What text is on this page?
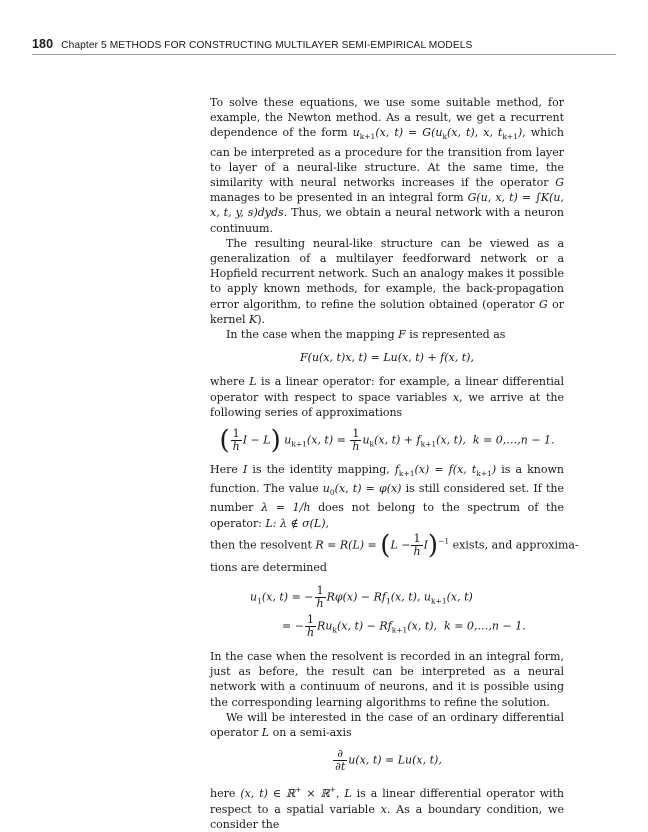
180 Chapter 5 METHODS FOR CONSTRUCTING MULTILAYER SEMI-EMPIRICAL MODELS

To solve these equations, we use some suitable method, for example, the Newton method. As a result, we get a recurrent dependence of the form $u_{k+1}(x$, $t) = G(u_k(x$, t), x, $t_{k+1}$), which can be interpreted as a procedure for the transition from layer to layer of a neural-like structure. At the same time, the similarity with neural networks increases if the operator G manages to be presented in an integral form G(u, x, t) = ∫K(u, x, t, y, s)dyds. Thus, we obtain a neural network with a neuron continuum.

The resulting neural-like structure can be viewed as a generalization of a multilayer feedforward network or a Hopfield recurrent network. Such an analogy makes it possible to apply known methods, for example, the back-propagation error algorithm, to refine the solution obtained (operator G or kernel K).

In the case when the mapping F is represented as

F(u(x, t)x, t) = Lu(x, t) + f(x, t),

where L is a linear operator: for example, a linear differential operator with respect to space variables x, we arrive at the following series of approximations

( $\frac{1}{h}$ I − L) $u_{k+1}(x$, $t) = \frac{1}{h} u_k(x$, $t) + f_{k+1}(x$, t), k = 0,…,n − 1.

Here I is the identity mapping, $f_{k+1}(x) = f(x$, $t_{k+1}$) is a known function. The value $u_0(x$, t) = φ(x) is still considered set. If the number λ = 1/h does not belong to the spectrum of the operator: L: λ ∉ σ(L),

then the resolvent $R = R(L) = (L - \frac{1}{h} I)^{-1}$ exists, and approxima-

tions are determined

$u_1(x$, t) = − $\frac{1}{h} R\varphi(x) - Rf_1(x$, t), $u_{k+1}(x$, t)
= − $\frac{1}{h} Ru_k(x$, $t) - Rf_{k+1}(x$, t), k = 0,…,n − 1.

In the case when the resolvent is recorded in an integral form, just as before, the result can be interpreted as a neural network with a continuum of neurons, and it is possible using the corresponding learning algorithms to refine the solution.

We will be interested in the case of an ordinary differential operator L on a semi-axis

$\frac{\partial}{\partial t} u(x$, t) = Lu(x, t),

here (x, t) ∈ ℝ+ × ℝ+, L is a linear differential operator with respect to a spatial variable x. As a boundary condition, we consider the
